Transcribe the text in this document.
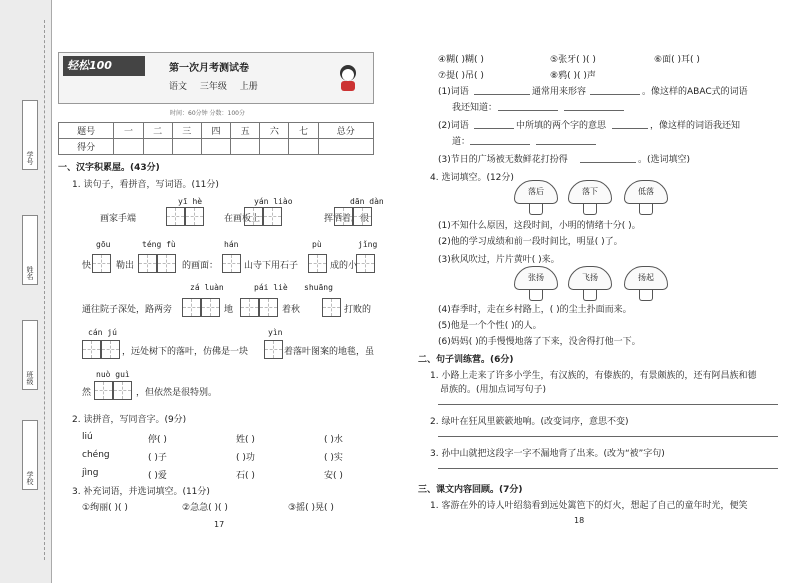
学号
姓名
班级
学校
轻松100	第一次月考测试卷
语文 三年级 上册
时间：60分钟 分数：100分
题号	一	二	三	四	五	六	七	总分
得分								
一、汉字积累屋。(43分)
1. 读句子，看拼音，写词语。(11分)
yī hè	yán liào	dān dàn
画家手端	在画板上	挥洒着。很
gōu	téng fù	hán	pù	jǐng
快	勒出	的画面：	山寺下用石子	成的小
zá luàn	pái liè shuāng
通往院子深处，路两旁	地	着秋	打败的
cán jú	yìn
，远处树下的落叶，仿佛是一块	着落叶图案的地毯，虽
nuò guì
然	，但依然是很特别。
2. 读拼音，写同音字。(9分)
liú	停( )	姓( )	( )水
chéng	( )子	( )功	( )实
jìng	( )爱	石( )	安( )
3. 补充词语，并选词填空。(11分)
①绚丽( )( )	②急急( )( )	③摇( )晃( )
17
④糊( )糊( )	⑤张牙( )( )	⑥面( )耳( )
⑦提( )吊( )	⑧鸦( )( )声
(1)词语	通常用来形容	。像这样的ABAC式的词语
我还知道：
(2)词语	中所填的两个字的意思	，像这样的词语我还知
道：
(3)节日的广场被无数鲜花打扮得	。(选词填空)
4. 选词填空。(12分)
落后	落下	低落
(1)不知什么原因，这段时间，小明的情绪十分( )。
(2)他的学习成绩和前一段时间比，明显( )了。
(3)秋风吹过，片片黄叶( )来。
张扬	飞扬	扬起
(4)春季时，走在乡村路上，( )的尘土扑面而来。
(5)他是一个个性( )的人。
(6)妈妈( )的手慢慢地落了下来，没舍得打他一下。
二、句子训练营。(6分)
1. 小路上走来了许多小学生，有汉族的，有傣族的，有景颇族的，还有阿昌族和德
昂族的。(用加点词写句子)
2. 绿叶在狂风里簌簌地响。(改变词序，意思不变)
3. 孙中山就把这段字一字不漏地背了出来。(改为“被”字句)
三、课文内容回顾。(7分)
1. 客游在外的诗人叶绍翁看到远处篱笆下的灯火，想起了自己的童年时光，便笑
18
